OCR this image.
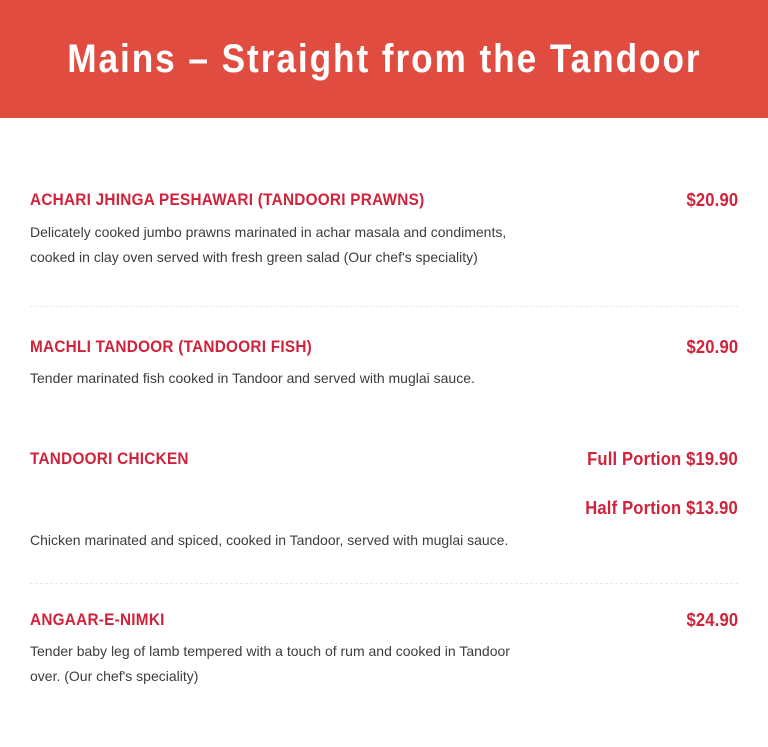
Mains – Straight from the Tandoor
ACHARI JHINGA PESHAWARI (TANDOORI PRAWNS)	$20.90

Delicately cooked jumbo prawns marinated in achar masala and condiments, cooked in clay oven served with fresh green salad (Our chef's speciality)

MACHLI TANDOOR (TANDOORI FISH)	$20.90

Tender marinated fish cooked in Tandoor and served with muglai sauce.

TANDOORI CHICKEN	Full Portion $19.90
Half Portion $13.90

Chicken marinated and spiced, cooked in Tandoor, served with muglai sauce.

ANGAAR-E-NIMKI	$24.90

Tender baby leg of lamb tempered with a touch of rum and cooked in Tandoor over. (Our chef's speciality)
